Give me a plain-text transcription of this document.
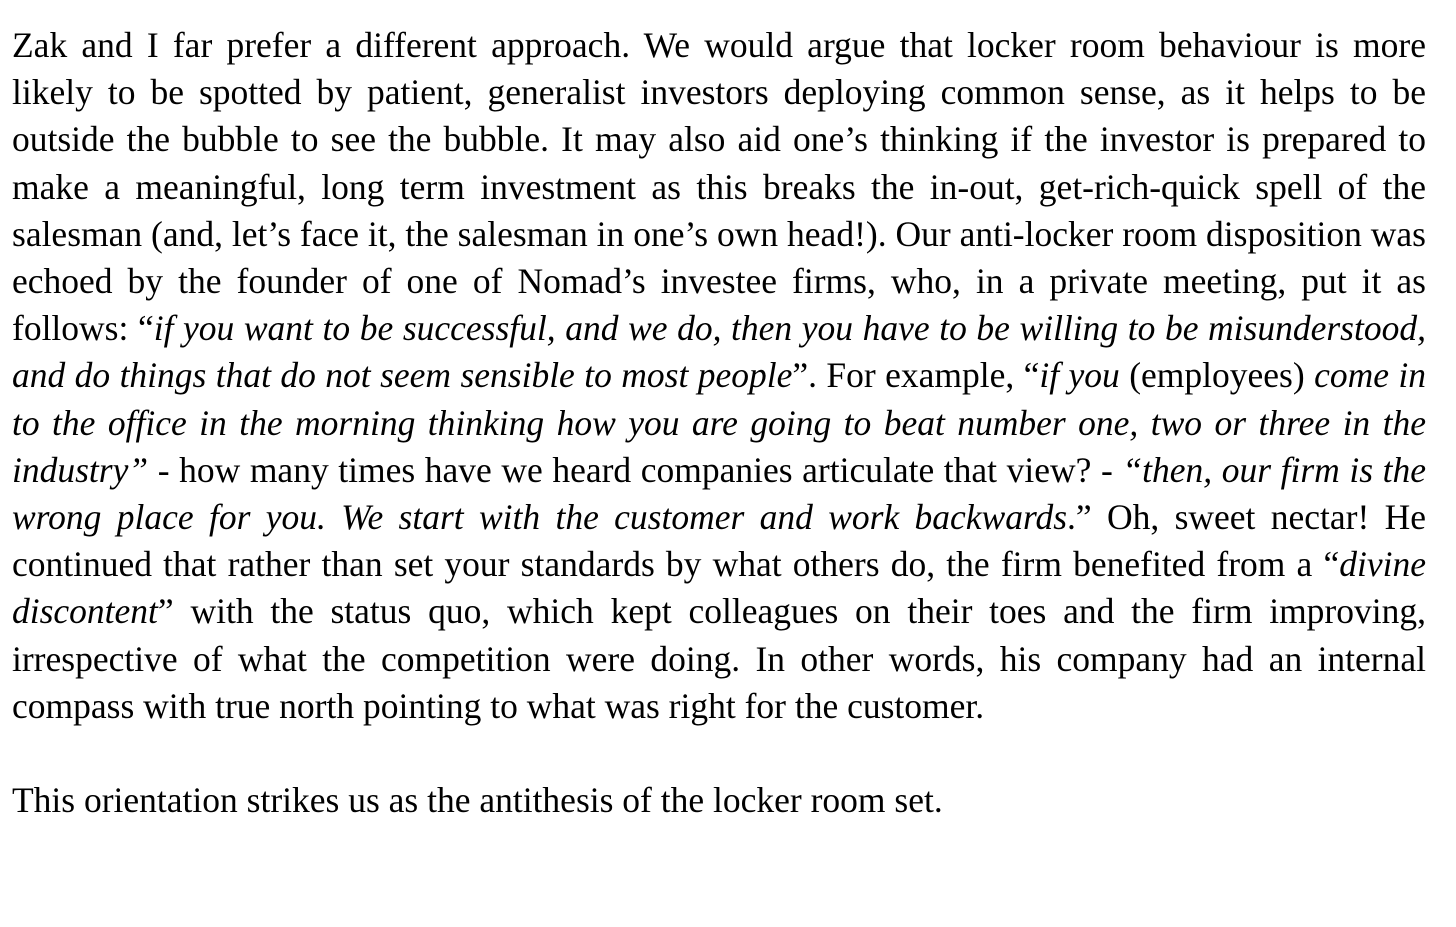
Zak and I far prefer a different approach. We would argue that locker room behaviour is more likely to be spotted by patient, generalist investors deploying common sense, as it helps to be outside the bubble to see the bubble. It may also aid one’s thinking if the investor is prepared to make a meaningful, long term investment as this breaks the in-out, get-rich-quick spell of the salesman (and, let’s face it, the salesman in one’s own head!). Our anti-locker room disposition was echoed by the founder of one of Nomad’s investee firms, who, in a private meeting, put it as follows: “if you want to be successful, and we do, then you have to be willing to be misunderstood, and do things that do not seem sensible to most people”. For example, “if you (employees) come in to the office in the morning thinking how you are going to beat number one, two or three in the industry” - how many times have we heard companies articulate that view? - “then, our firm is the wrong place for you. We start with the customer and work backwards.” Oh, sweet nectar! He continued that rather than set your standards by what others do, the firm benefited from a “divine discontent” with the status quo, which kept colleagues on their toes and the firm improving, irrespective of what the competition were doing. In other words, his company had an internal compass with true north pointing to what was right for the customer.

This orientation strikes us as the antithesis of the locker room set.
